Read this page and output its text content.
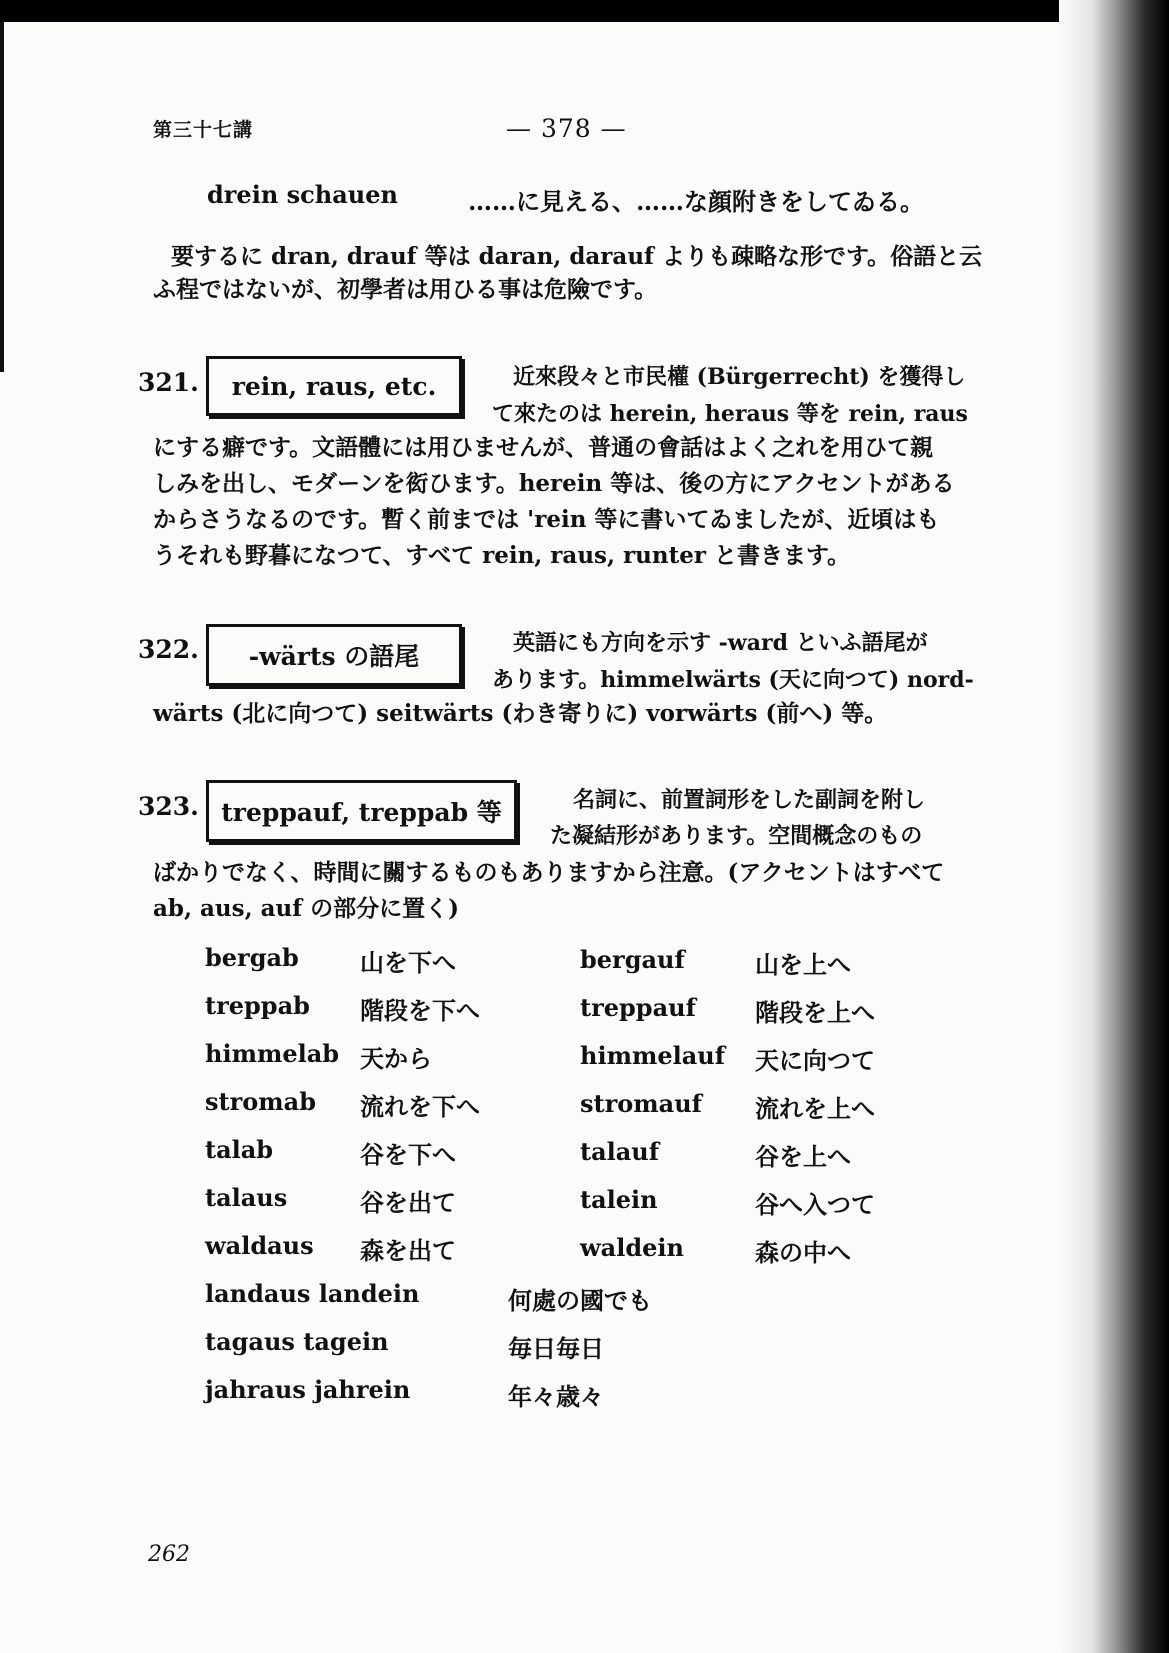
第三十七講	— 378 —
drein schauen	……に見える、……な顔附きをしてゐる。
要するに dran, drauf 等は daran, darauf よりも疎略な形です。俗語と云
ふ程ではないが、初學者は用ひる事は危險です。
321. rein, raus, etc.	近來段々と市民權 (Bürgerrecht) を獲得し
て來たのは herein, heraus 等を rein, raus
にする癖です。文語體には用ひませんが、普通の會話はよく之れを用ひて親
しみを出し、モダーンを衒ひます。herein 等は、後の方にアクセントがある
からさうなるのです。暫く前までは 'rein 等に書いてゐましたが、近頃はも
うそれも野暮になつて、すべて rein, raus, runter と書きます。
322. -wärts の語尾	英語にも方向を示す -ward といふ語尾が
あります。himmelwärts (天に向つて) nord-
wärts (北に向つて) seitwärts (わき寄りに) vorwärts (前へ) 等。
323. treppauf, treppab 等	名詞に、前置詞形をした副詞を附し
た凝結形があります。空間概念のもの
ばかりでなく、時間に關するものもありますから注意。(アクセントはすべて
ab, aus, auf の部分に置く)
bergab	山を下へ	bergauf	山を上へ
treppab 階段を下へ	treppauf 階段を上へ
himmelab 天から	himmelauf 天に向つて
stromab 流れを下へ	stromauf 流れを上へ
talab	谷を下へ	talauf	谷を上へ
talaus	谷を出て	talein	谷へ入つて
waldaus 森を出て	waldein	森の中へ
landaus landein	何處の國でも
tagaus tagein	毎日毎日
jahraus jahrein	年々歳々
262
